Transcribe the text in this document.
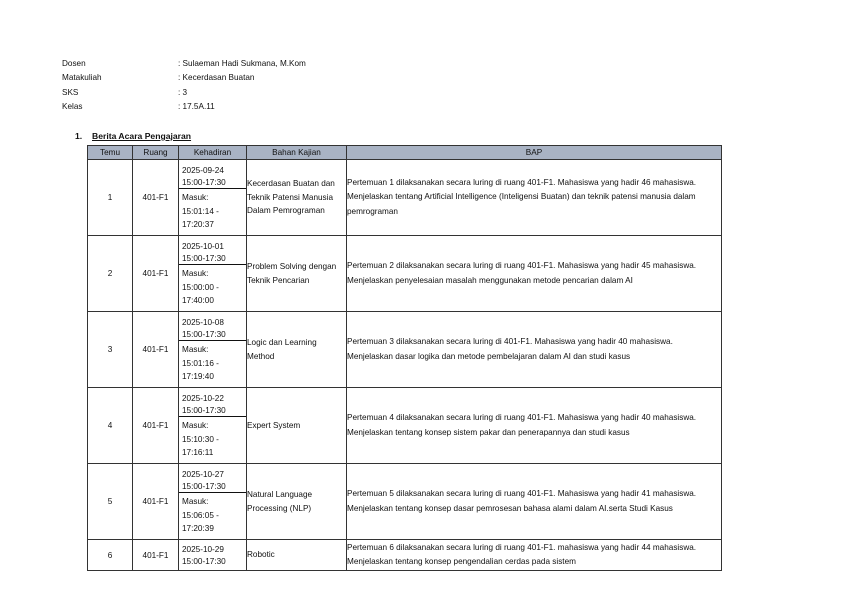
Dosen	: Sulaeman Hadi Sukmana, M.Kom
Matakuliah	: Kecerdasan Buatan
SKS	: 3
Kelas	: 17.5A.11
1. Berita Acara Pengajaran
Temu	Ruang	Kehadiran	Bahan Kajian	BAP
1	401-F1	2025-09-24
15:00-17:30
Masuk:
15:01:14 -
17:20:37	Kecerdasan Buatan dan Teknik Patensi Manusia Dalam Pemrograman	Pertemuan 1 dilaksanakan secara luring di ruang 401-F1. Mahasiswa yang hadir 46 mahasiswa. Menjelaskan tentang Artificial Intelligence (Inteligensi Buatan) dan teknik patensi manusia dalam pemrograman
2	401-F1	2025-10-01
15:00-17:30
Masuk:
15:00:00 -
17:40:00	Problem Solving dengan Teknik Pencarian	Pertemuan 2 dilaksanakan secara luring di ruang 401-F1. Mahasiswa yang hadir 45 mahasiswa. Menjelaskan penyelesaian masalah menggunakan metode pencarian dalam AI
3	401-F1	2025-10-08
15:00-17:30
Masuk:
15:01:16 -
17:19:40	Logic dan Learning Method	Pertemuan 3 dilaksanakan secara luring di 401-F1. Mahasiswa yang hadir 40 mahasiswa. Menjelaskan dasar logika dan metode pembelajaran dalam AI dan studi kasus
4	401-F1	2025-10-22
15:00-17:30
Masuk:
15:10:30 -
17:16:11	Expert System	Pertemuan 4 dilaksanakan secara luring di ruang 401-F1. Mahasiswa yang hadir 40 mahasiswa. Menjelaskan tentang konsep sistem pakar dan penerapannya dan studi kasus
5	401-F1	2025-10-27
15:00-17:30
Masuk:
15:06:05 -
17:20:39	Natural Language Processing (NLP)	Pertemuan 5 dilaksanakan secara luring di ruang 401-F1. Mahasiswa yang hadir 41 mahasiswa. Menjelaskan tentang konsep dasar pemrosesan bahasa alami dalam AI.serta Studi Kasus
6	401-F1	2025-10-29
15:00-17:30	Robotic	Pertemuan 6 dilaksanakan secara luring di ruang 401-F1. mahasiswa yang hadir 44 mahasiswa. Menjelaskan tentang konsep pengendalian cerdas pada sistem
